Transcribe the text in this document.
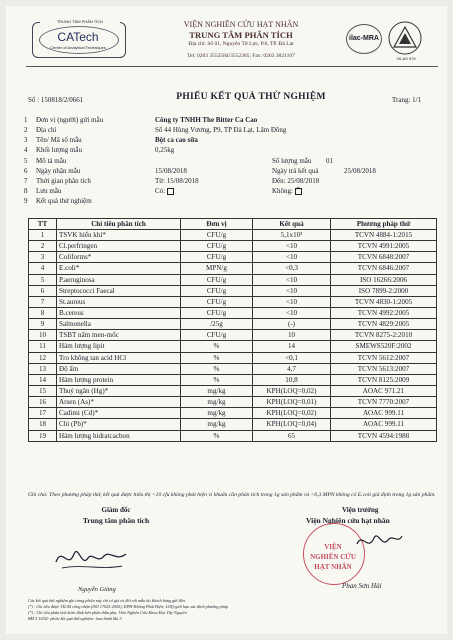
TRUNG TÂM PHÂN TÍCH
CATech
Center of Analytical Techniques
VIỆN NGHIÊN CỨU HẠT NHÂN
TRUNG TÂM PHÂN TÍCH
Địa chỉ: Số 01, Nguyên Tử Lực, P.8, TP. Đà Lạt
Tel: 0263 3552584/3552365; Fax: 0263 3821107
ilac-MRA
VILAS 979
Số : 150818/2/0661	PHIẾU KẾT QUẢ THỬ NGHIỆM	Trang: 1/1
1 Đơn vị (người) gửi mẫu	Công ty TNHH The Bitter Ca Cao
2 Địa chỉ	Số 44 Hùng Vương, P9, TP Đà Lạt, Lâm Đồng
3 Tên/ Mã số mẫu	Bột ca cao sữa
4 Khối lượng mẫu	0,25kg
5 Mô tả mẫu	Số lượng mẫu 01
6 Ngày nhận mẫu	15/08/2018	Ngày trả kết quả	25/08/2018
7 Thời gian phân tích	Từ: 15/08/2018	Đến: 25/08/2018
8 Lưu mẫu	Có:	Không:✕
9 Kết quả thử nghiệm
TT	Chỉ tiêu phân tích	Đơn vị	Kết quả	Phương pháp thử
1	TSVK hiếu khí*	CFU/g	5,1x10³	TCVN 4884-1:2015
2	Cl.perfringen	CFU/g	<10	TCVN 4991:2005
3	Coliforms*	CFU/g	<10	TCVN 6848:2007
4	E.coli*	MPN/g	<0,3	TCVN 6846:2007
5	P.aeruginosa	CFU/g	<10	ISO 16266:2006
6	Streptococci Faecal	CFU/g	<10	ISO 7899-2:2000
7	St.aureus	CFU/g	<10	TCVN 4830-1:2005
8	B.cereus	CFU/g	<10	TCVN 4992:2005
9	Salmonella	/25g	(-)	TCVN 4829:2005
10	TSBT nấm men-mốc	CFU/g	10	TCVN 8275-2:2010
11	Hàm lượng lipit	%	14	SMEWS520F:2002
12	Tro không tan acid HCl	%	<0,1	TCVN 5612:2007
13	Độ ẩm	%	4,7	TCVN 5613:2007
14	Hàm lượng protein	%	10,8	TCVN 8125:2009
15	Thuỷ ngân (Hg)*	mg/kg	KPH(LOQ=0,02)	AOAC 971.21
16	Arsen (As)*	mg/kg	KPH(LOQ=0,01)	TCVN 7770:2007
17	Cadimi (Cd)*	mg/kg	KPH(LOQ=0,02)	AOAC 999.11
18	Chì (Pb)*	mg/kg	KPH(LOQ=0,04)	AOAC 999.11
19	Hàm lượng hidratcacbon	%	65	TCVN 4594:1988
Ghi chú: Theo phương pháp thử, kết quả được hiểu thị <10 cfu không phát hiện vi khuẩn cần phân tích trong 1g sản phẩm và <0,3 MPN không có E.coli giả định trong 1g sản phẩm.
Giám đốc
Trung tâm phân tích
Nguyễn Giàng
Viện trưởng
Viện Nghiên cứu hạt nhân
VIỆN
NGHIÊN CỨU
HẠT NHÂN
Phan Sơn Hải
Các kết quả thử nghiệm ghi trong phiếu này chỉ có giá trị đối với mẫu do khách hàng gửi đến.
(*) : Chỉ tiêu được VILAS công nhận (ISO 17025:2005); KPH-Không Phát Hiện; LOQ-giới hạn xác định phương pháp
(*) : Chỉ tiêu phân tích kiểm định bên phân thầu phụ: Viện Nghiên Cứu Khoa Học Tây Nguyên
BM 5.10/02- phiếu kết quả thử nghiệm - ban hành lần 3
